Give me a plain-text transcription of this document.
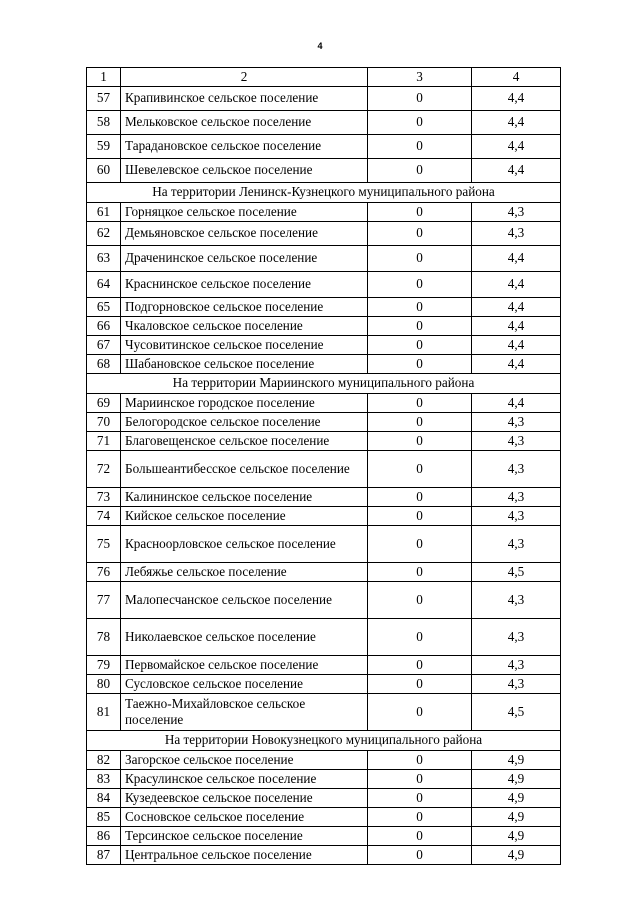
4
1	2	3	4
57	Крапивинское сельское поселение	0	4,4
58	Мельковское сельское поселение	0	4,4
59	Тарадановское сельское поселение	0	4,4
60	Шевелевское сельское поселение	0	4,4
На территории Ленинск-Кузнецкого муниципального района			
61	Горняцкое сельское поселение	0	4,3
62	Демьяновское сельское поселение	0	4,3
63	Драченинское сельское поселение	0	4,4
64	Краснинское сельское поселение	0	4,4
65	Подгорновское сельское поселение	0	4,4
66	Чкаловское сельское поселение	0	4,4
67	Чусовитинское сельское поселение	0	4,4
68	Шабановское сельское поселение	0	4,4
На территории Мариинского муниципального района			
69	Мариинское городское поселение	0	4,4
70	Белогородское сельское поселение	0	4,3
71	Благовещенское сельское поселение	0	4,3
72	Большеантибесское сельское поселение	0	4,3
73	Калининское сельское поселение	0	4,3
74	Кийское сельское поселение	0	4,3
75	Красноорловское сельское поселение	0	4,3
76	Лебяжье сельское поселение	0	4,5
77	Малопесчанское сельское поселение	0	4,3
78	Николаевское сельское поселение	0	4,3
79	Первомайское сельское поселение	0	4,3
80	Сусловское сельское поселение	0	4,3
81	Таежно-Михайловское сельское поселение	0	4,5
На территории Новокузнецкого муниципального района			
82	Загорское сельское поселение	0	4,9
83	Красулинское сельское поселение	0	4,9
84	Кузедеевское сельское поселение	0	4,9
85	Сосновское сельское поселение	0	4,9
86	Терсинское сельское поселение	0	4,9
87	Центральное сельское поселение	0	4,9
